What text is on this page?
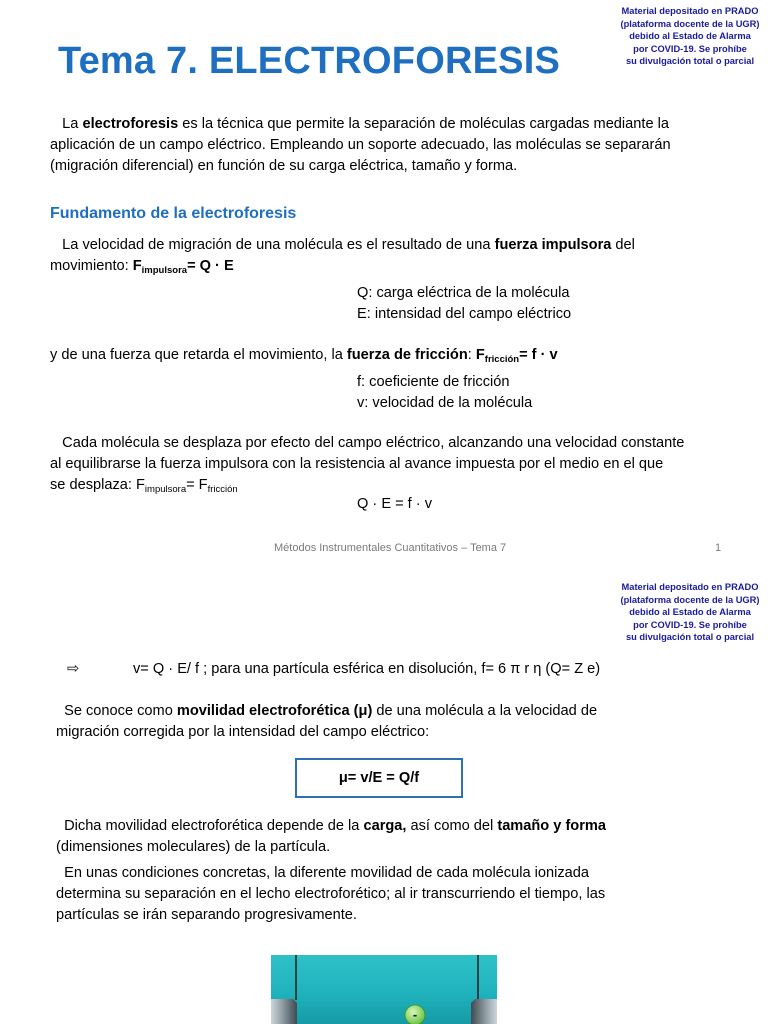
Material depositado en PRADO
(plataforma docente de la UGR)
debido al Estado de Alarma
por COVID-19. Se prohíbe
su divulgación total o parcial
Tema 7. ELECTROFORESIS
La electroforesis es la técnica que permite la separación de moléculas cargadas mediante la
aplicación de un campo eléctrico. Empleando un soporte adecuado, las moléculas se separarán
(migración diferencial) en función de su carga eléctrica, tamaño y forma.
Fundamento de la electroforesis
La velocidad de migración de una molécula es el resultado de una fuerza impulsora del
movimiento: $F_{impulsora}= Q \cdot E$
Q: carga eléctrica de la molécula
E: intensidad del campo eléctrico
y de una fuerza que retarda el movimiento, la fuerza de fricción: $F_{fricción}= f \cdot v$
f: coeficiente de fricción
v: velocidad de la molécula
Cada molécula se desplaza por efecto del campo eléctrico, alcanzando una velocidad constante
al equilibrarse la fuerza impulsora con la resistencia al avance impuesta por el medio en el que
se desplaza: $F_{impulsora}= F_{fricción}$
Q · E = f · v
Métodos Instrumentales Cuantitativos – Tema 7	1
Material depositado en PRADO
(plataforma docente de la UGR)
debido al Estado de Alarma
por COVID-19. Se prohíbe
su divulgación total o parcial
⇨	v= Q · E/ f ; para una partícula esférica en disolución, f= 6 π r η (Q= Z e)
Se conoce como movilidad electroforética (μ) de una molécula a la velocidad de
migración corregida por la intensidad del campo eléctrico:
μ= v/E = Q/f
Dicha movilidad electroforética depende de la carga, así como del tamaño y forma
(dimensiones moleculares) de la partícula.
En unas condiciones concretas, la diferente movilidad de cada molécula ionizada
determina su separación en el lecho electroforético; al ir transcurriendo el tiempo, las
partículas se irán separando progresivamente.
-
